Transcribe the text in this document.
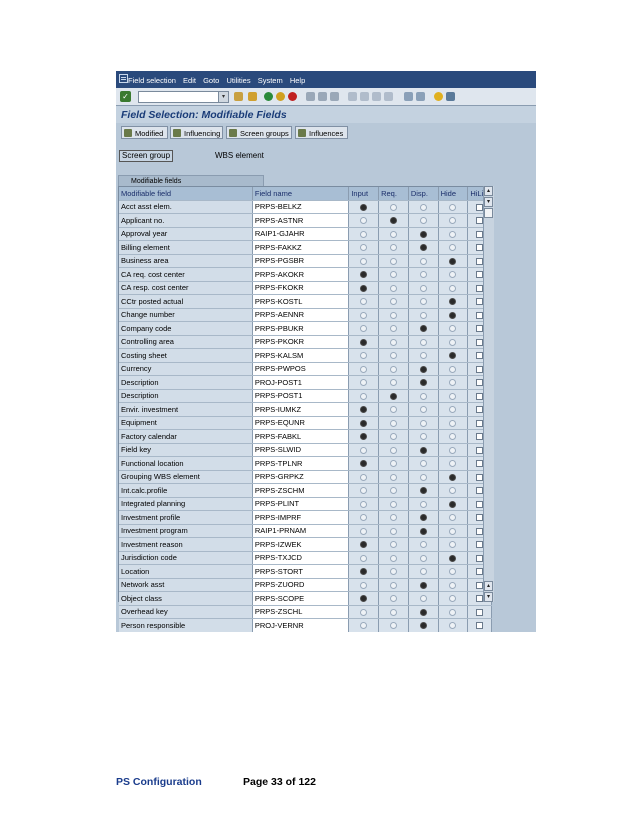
Field selection Edit Goto Utilities System Help
✓	▾
Field Selection: Modifiable Fields
Modified	Influencing	Screen groups	Influences
Screen group	WBS element
Modifiable fields
Modifiable field	Field name	Input	Req.	Disp.	Hide	HiLi
Acct asst elem.	PRPS-BELKZ					
Applicant no.	PRPS-ASTNR					
Approval year	RAIP1-GJAHR					
Billing element	PRPS-FAKKZ					
Business area	PRPS-PGSBR					
CA req. cost center	PRPS-AKOKR					
CA resp. cost center	PRPS-FKOKR					
CCtr posted actual	PRPS-KOSTL					
Change number	PRPS-AENNR					
Company code	PRPS-PBUKR					
Controlling area	PRPS-PKOKR					
Costing sheet	PRPS-KALSM					
Currency	PRPS-PWPOS					
Description	PROJ-POST1					
Description	PRPS-POST1					
Envir. investment	PRPS-IUMKZ					
Equipment	PRPS-EQUNR					
Factory calendar	PRPS-FABKL					
Field key	PRPS-SLWID					
Functional location	PRPS-TPLNR					
Grouping WBS element	PRPS-GRPKZ					
Int.calc.profile	PRPS-ZSCHM					
Integrated planning	PRPS-PLINT					
Investment profile	PRPS-IMPRF					
Investment program	RAIP1-PRNAM					
Investment reason	PRPS-IZWEK					
Jurisdiction code	PRPS-TXJCD					
Location	PRPS-STORT					
Network asst	PRPS-ZUORD					
Object class	PRPS-SCOPE					
Overhead key	PRPS-ZSCHL					
Person responsible	PROJ-VERNR					
▴
▾
▴
▾
PS Configuration	Page 33 of 122
